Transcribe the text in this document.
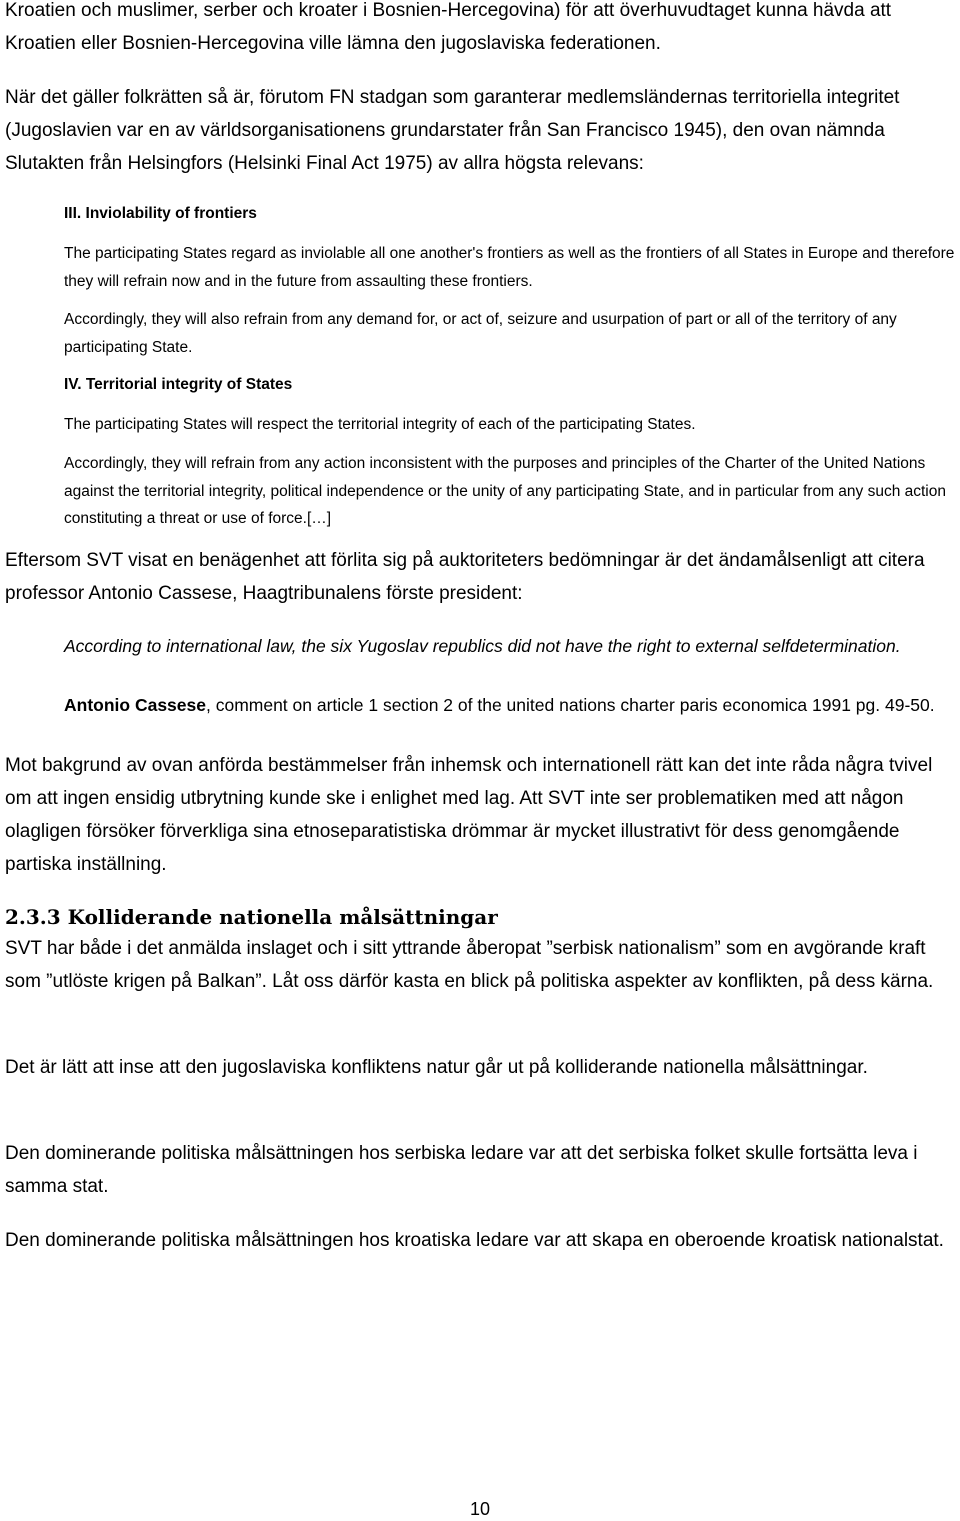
Kroatien och muslimer, serber och kroater i Bosnien-Hercegovina) för att överhuvudtaget kunna hävda att Kroatien eller Bosnien-Hercegovina ville lämna den jugoslaviska federationen.

När det gäller folkrätten så är, förutom FN stadgan som garanterar medlemsländernas territoriella integritet (Jugoslavien var en av världsorganisationens grundarstater från San Francisco 1945), den ovan nämnda Slutakten från Helsingfors (Helsinki Final Act 1975) av allra högsta relevans:

III. Inviolability of frontiers

The participating States regard as inviolable all one another's frontiers as well as the frontiers of all States in Europe and therefore they will refrain now and in the future from assaulting these frontiers.

Accordingly, they will also refrain from any demand for, or act of, seizure and usurpation of part or all of the territory of any participating State.

IV. Territorial integrity of States

The participating States will respect the territorial integrity of each of the participating States.

Accordingly, they will refrain from any action inconsistent with the purposes and principles of the Charter of the United Nations against the territorial integrity, political independence or the unity of any participating State, and in particular from any such action constituting a threat or use of force.[…]

Eftersom SVT visat en benägenhet att förlita sig på auktoriteters bedömningar är det ändamålsenligt att citera professor Antonio Cassese, Haagtribunalens förste president:

According to international law, the six Yugoslav republics did not have the right to external selfdetermination.

Antonio Cassese, comment on article 1 section 2 of the united nations charter paris economica 1991 pg. 49-50.

Mot bakgrund av ovan anförda bestämmelser från inhemsk och internationell rätt kan det inte råda några tvivel om att ingen ensidig utbrytning kunde ske i enlighet med lag. Att SVT inte ser problematiken med att någon olagligen försöker förverkliga sina etnoseparatistiska drömmar är mycket illustrativt för dess genomgående partiska inställning.

2.3.3 Kolliderande nationella målsättningar

SVT har både i det anmälda inslaget och i sitt yttrande åberopat ”serbisk nationalism” som en avgörande kraft som ”utlöste krigen på Balkan”. Låt oss därför kasta en blick på politiska aspekter av konflikten, på dess kärna.

Det är lätt att inse att den jugoslaviska konfliktens natur går ut på kolliderande nationella målsättningar.

Den dominerande politiska målsättningen hos serbiska ledare var att det serbiska folket skulle fortsätta leva i samma stat.

Den dominerande politiska målsättningen hos kroatiska ledare var att skapa en oberoende kroatisk nationalstat.

10
